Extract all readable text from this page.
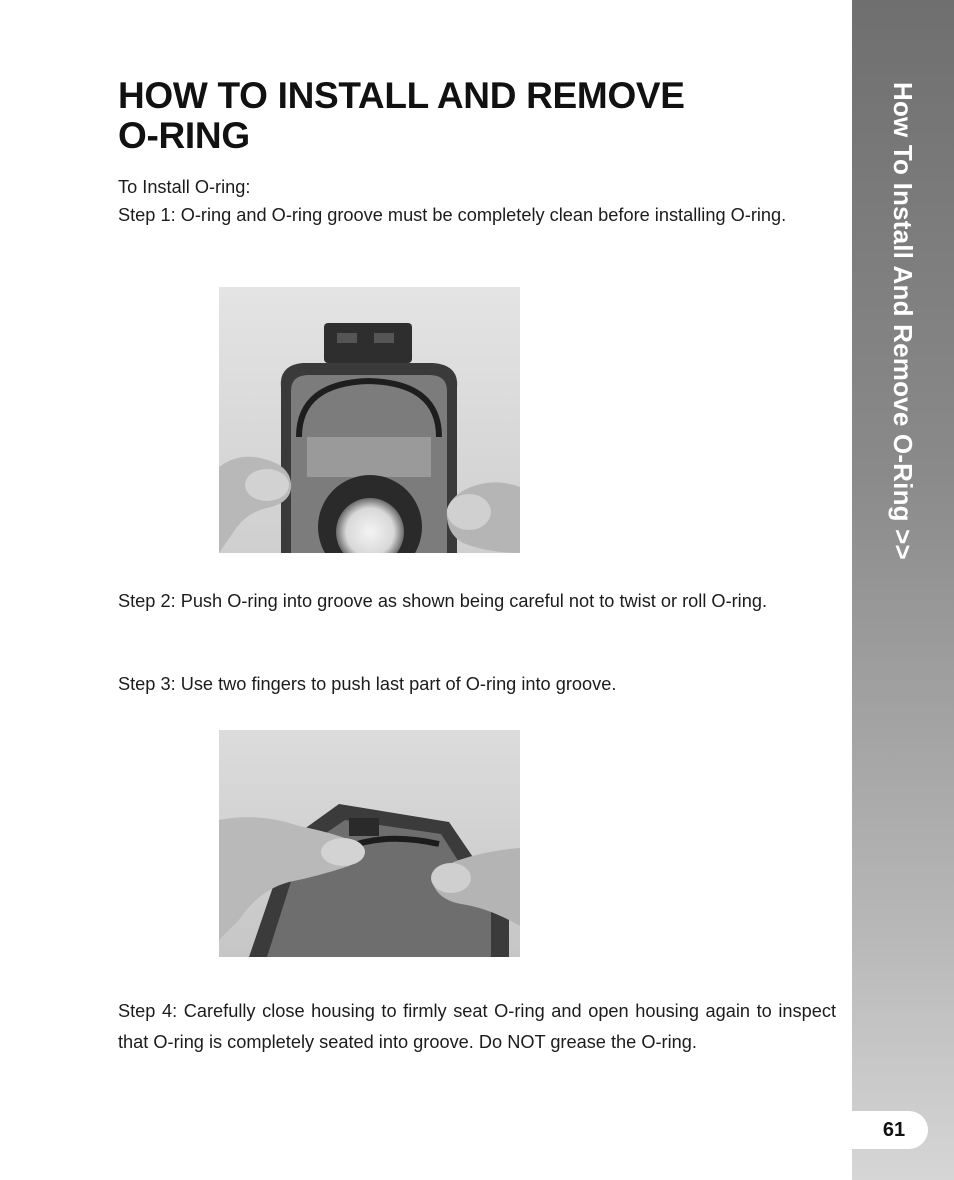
HOW TO INSTALL AND REMOVE
O-RING
To Install O-ring:
Step 1: O-ring and O-ring groove must be completely clean before installing O-ring.

Step 2: Push O-ring into groove as shown being careful not to twist or roll O-ring.

Step 3: Use two fingers to push last part of O-ring into groove.

Step 4: Carefully close housing to firmly seat O-ring and open housing again to inspect that O-ring is completely seated into groove. Do NOT grease the O-ring.

How To Install And Remove O-Ring >>
61
